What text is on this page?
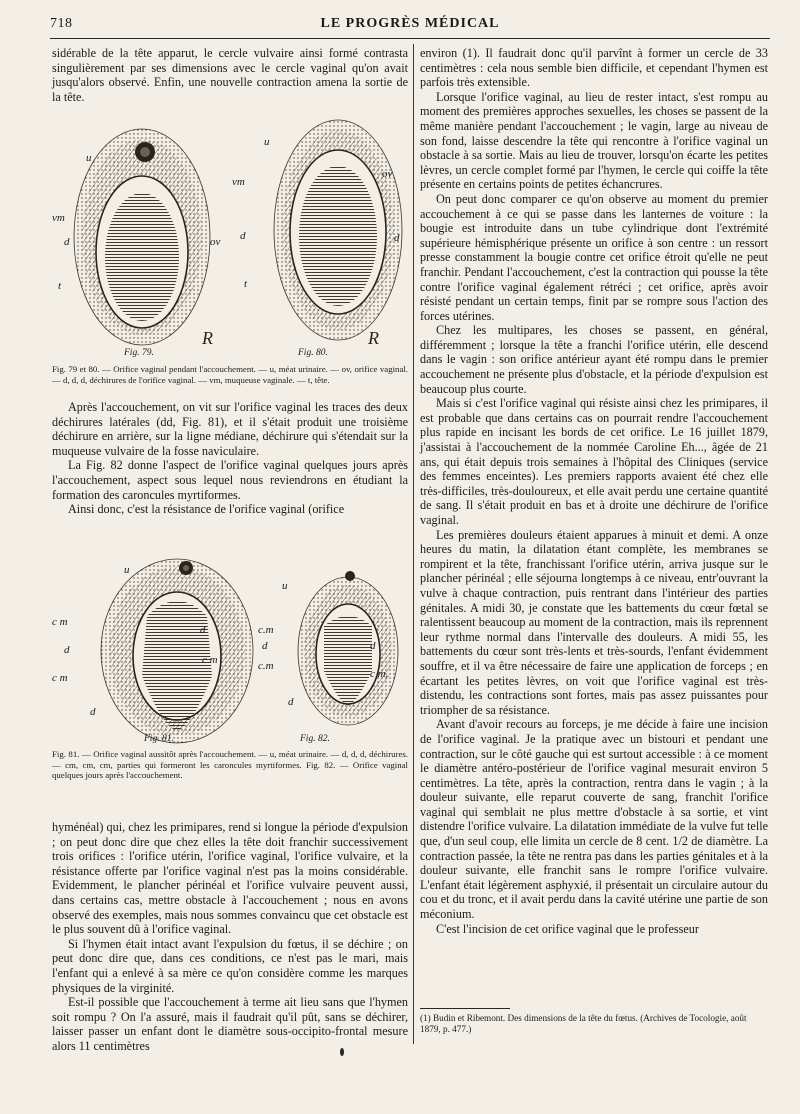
718	LE PROGRÈS MÉDICAL

sidérable de la tête apparut, le cercle vulvaire ainsi formé contrasta singulièrement par ses dimensions avec le cercle vaginal qu'on avait jusqu'alors observé. Enfin, une nouvelle contraction amena la sortie de la tête.

R	R
u
vm
d	ov
t
u
vm
ov
d	d
t
Fig. 79.	Fig. 80.

Fig. 79 et 80. — Orifice vaginal pendant l'accouchement. — u, méat urinaire. — ov, orifice vaginal. — d, d, d, déchirures de l'orifice vaginal. — vm, muqueuse vaginale. — t, tête.

Après l'accouchement, on vit sur l'orifice vaginal les traces des deux déchirures latérales (dd, Fig. 81), et il s'était produit une troisième déchirure en arrière, sur la ligne médiane, déchirure qui s'étendait sur la muqueuse vulvaire de la fosse naviculaire.

La Fig. 82 donne l'aspect de l'orifice vaginal quelques jours après l'accouchement, aspect sous lequel nous reviendrons en étudiant la formation des caroncules myrtiformes.

Ainsi donc, c'est la résistance de l'orifice vaginal (orifice

u
c m
d
c m
d
c m
d
u
c.m
d
c.m
d
c m.
d
Fig. 81.	Fig. 82.

Fig. 81. — Orifice vaginal aussitôt après l'accouchement. — u, méat urinaire. — d, d, d, déchirures. — cm, cm, cm, parties qui formeront les caroncules myrtiformes. Fig. 82. — Orifice vaginal quelques jours après l'accouchement.

hyménéal) qui, chez les primipares, rend si longue la période d'expulsion ; on peut donc dire que chez elles la tête doit franchir successivement trois orifices : l'orifice utérin, l'orifice vaginal, l'orifice vulvaire, et la résistance offerte par l'orifice vaginal n'est pas la moins considérable. Evidemment, le plancher périnéal et l'orifice vulvaire peuvent aussi, dans certains cas, mettre obstacle à l'accouchement ; nous en avons observé des exemples, mais nous sommes convaincu que cet obstacle est le plus souvent dû à l'orifice vaginal.

Si l'hymen était intact avant l'expulsion du fœtus, il se déchire ; on peut donc dire que, dans ces conditions, ce n'est pas le mari, mais l'enfant qui a enlevé à sa mère ce qu'on considère comme les marques physiques de la virginité.

Est-il possible que l'accouchement à terme ait lieu sans que l'hymen soit rompu ? On l'a assuré, mais il faudrait qu'il pût, sans se déchirer, laisser passer un enfant dont le diamètre sous-occipito-frontal mesure alors 11 centimètres

environ (1). Il faudrait donc qu'il parvînt à former un cercle de 33 centimètres : cela nous semble bien difficile, et cependant l'hymen est parfois très extensible.

Lorsque l'orifice vaginal, au lieu de rester intact, s'est rompu au moment des premières approches sexuelles, les choses se passent de la même manière pendant l'accouchement ; le vagin, large au niveau de son fond, laisse descendre la tête qui rencontre à l'orifice vaginal un obstacle à sa sortie. Mais au lieu de trouver, lorsqu'on écarte les petites lèvres, un cercle complet formé par l'hymen, le cercle qui coiffe la tête présente en certains points de petites échancrures.

On peut donc comparer ce qu'on observe au moment du premier accouchement à ce qui se passe dans les lanternes de voiture : la bougie est introduite dans un tube cylindrique dont l'extrémité supérieure hémisphérique présente un orifice à son centre : un ressort presse constamment la bougie contre cet orifice étroit qu'elle ne peut franchir. Pendant l'accouchement, c'est la contraction qui pousse la tête contre l'orifice vaginal également rétréci ; cet orifice, après avoir résisté pendant un certain temps, finit par se rompre sous l'action des forces utérines.

Chez les multipares, les choses se passent, en général, différemment ; lorsque la tête a franchi l'orifice utérin, elle descend dans le vagin : son orifice antérieur ayant été rompu dans le premier accouchement ne présente plus d'obstacle, et la période d'expulsion est beaucoup plus courte.

Mais si c'est l'orifice vaginal qui résiste ainsi chez les primipares, il est probable que dans certains cas on pourrait rendre l'accouchement plus rapide en incisant les bords de cet orifice. Le 16 juillet 1879, j'assistai à l'accouchement de la nommée Caroline Eh..., âgée de 21 ans, qui était depuis trois semaines à l'hôpital des Cliniques (service des femmes enceintes). Les premiers rapports avaient été chez elle très-difficiles, très-douloureux, et elle avait perdu une certaine quantité de sang. Il s'était produit en bas et à droite une déchirure de l'orifice vaginal.

Les premières douleurs étaient apparues à minuit et demi. A onze heures du matin, la dilatation étant complète, les membranes se rompirent et la tête, franchissant l'orifice utérin, arriva jusque sur le plancher périnéal ; elle séjourna longtemps à ce niveau, entr'ouvrant la vulve à chaque contraction, puis rentrant dans l'intérieur des parties génitales. A midi 30, je constate que les battements du cœur fœtal se ralentissent beaucoup au moment de la contraction, mais ils reprennent leur rythme normal dans l'intervalle des douleurs. A midi 55, les battements du cœur sont très-lents et très-sourds, l'enfant évidemment souffre, et il va être nécessaire de faire une application de forceps ; en écartant les petites lèvres, on voit que l'orifice vaginal est très-distendu, les contractions sont fortes, mais pas assez puissantes pour triompher de sa résistance.

Avant d'avoir recours au forceps, je me décide à faire une incision de l'orifice vaginal. Je la pratique avec un bistouri et pendant une contraction, sur le côté gauche qui est surtout accessible : à ce moment le diamètre antéro-postérieur de l'orifice vaginal mesurait environ 5 centimètres. La tête, après la contraction, rentra dans le vagin ; à la douleur suivante, elle reparut couverte de sang, franchit l'orifice vaginal qui semblait ne plus mettre d'obstacle à sa sortie, et vint distendre l'orifice vulvaire. La dilatation immédiate de la vulve fut telle que, d'un seul coup, elle limita un cercle de 8 cent. 1/2 de diamètre. La contraction passée, la tête ne rentra pas dans les parties génitales et à la douleur suivante, elle franchit sans le rompre l'orifice vulvaire. L'enfant était légèrement asphyxié, il présentait un circulaire autour du cou et du tronc, et il avait perdu dans la cavité utérine une partie de son méconium.

C'est l'incision de cet orifice vaginal que le professeur

(1) Budin et Ribemont. Des dimensions de la tête du fœtus. (Archives de Tocologie, août 1879, p. 477.)
